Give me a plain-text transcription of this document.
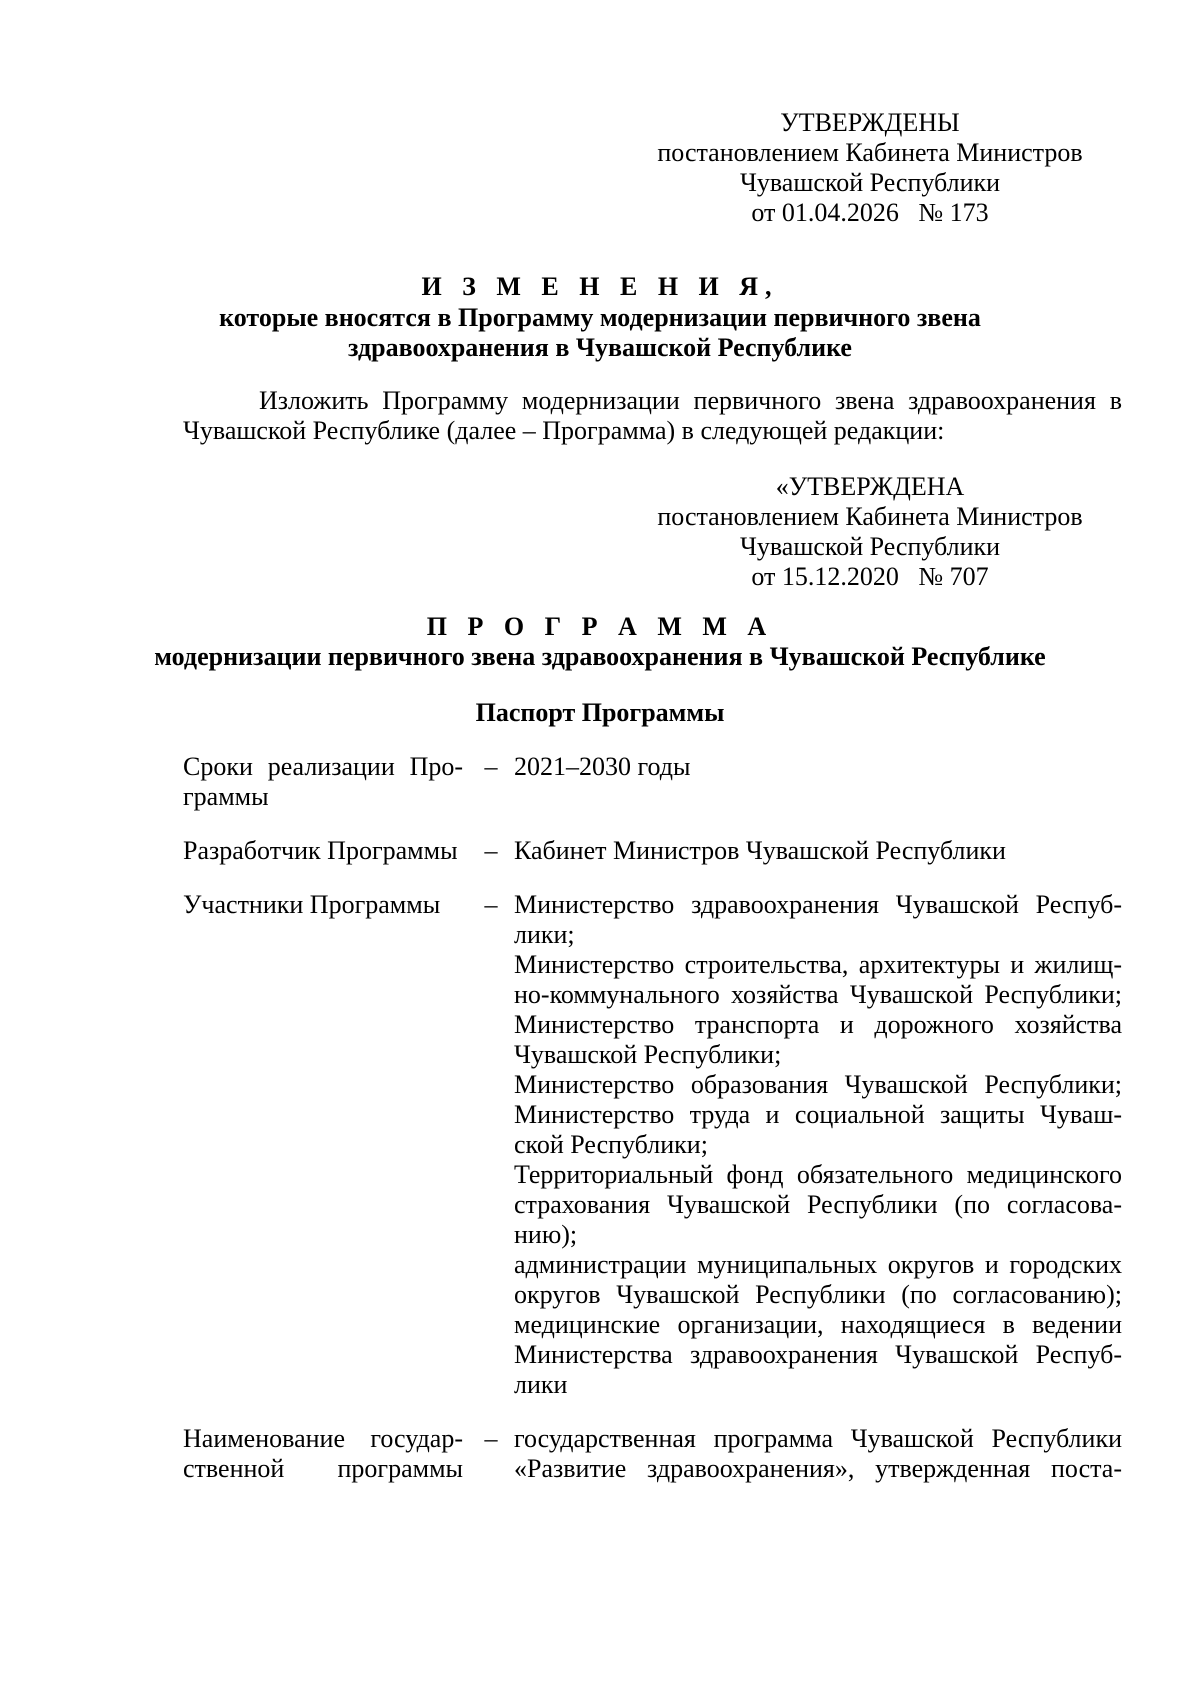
УТВЕРЖДЕНЫ
постановлением Кабинета Министров
Чувашской Республики
от 01.04.2026   № 173
И З М Е Н Е Н И Я,
которые вносятся в Программу модернизации первичного звена
здравоохранения в Чувашской Республике
Изложить Программу модернизации первичного звена здравоохранения в
Чувашской Республике (далее – Программа) в следующей редакции:
«УТВЕРЖДЕНА
постановлением Кабинета Министров
Чувашской Республики
от 15.12.2020   № 707
П Р О Г Р А М М А
модернизации первичного звена здравоохранения в Чувашской Республике
Паспорт Программы
Сроки реализации Про-
граммы
– 2021–2030 годы
Разработчик Программы – Кабинет Министров Чувашской Республики
Участники Программы	– Министерство здравоохранения Чувашской Респуб-
лики;
Министерство строительства, архитектуры и жилищ-
но-коммунального хозяйства Чувашской Республики;
Министерство транспорта и дорожного хозяйства
Чувашской Республики;
Министерство образования Чувашской Республики;
Министерство труда и социальной защиты Чуваш-
ской Республики;
Территориальный фонд обязательного медицинского
страхования Чувашской Республики (по согласова-
нию);
администрации муниципальных округов и городских
округов Чувашской Республики (по согласованию);
медицинские организации, находящиеся в ведении
Министерства здравоохранения Чувашской Респуб-
лики
Наименование государ-
ственной программы
– государственная программа Чувашской Республики
«Развитие здравоохранения», утвержденная поста-
